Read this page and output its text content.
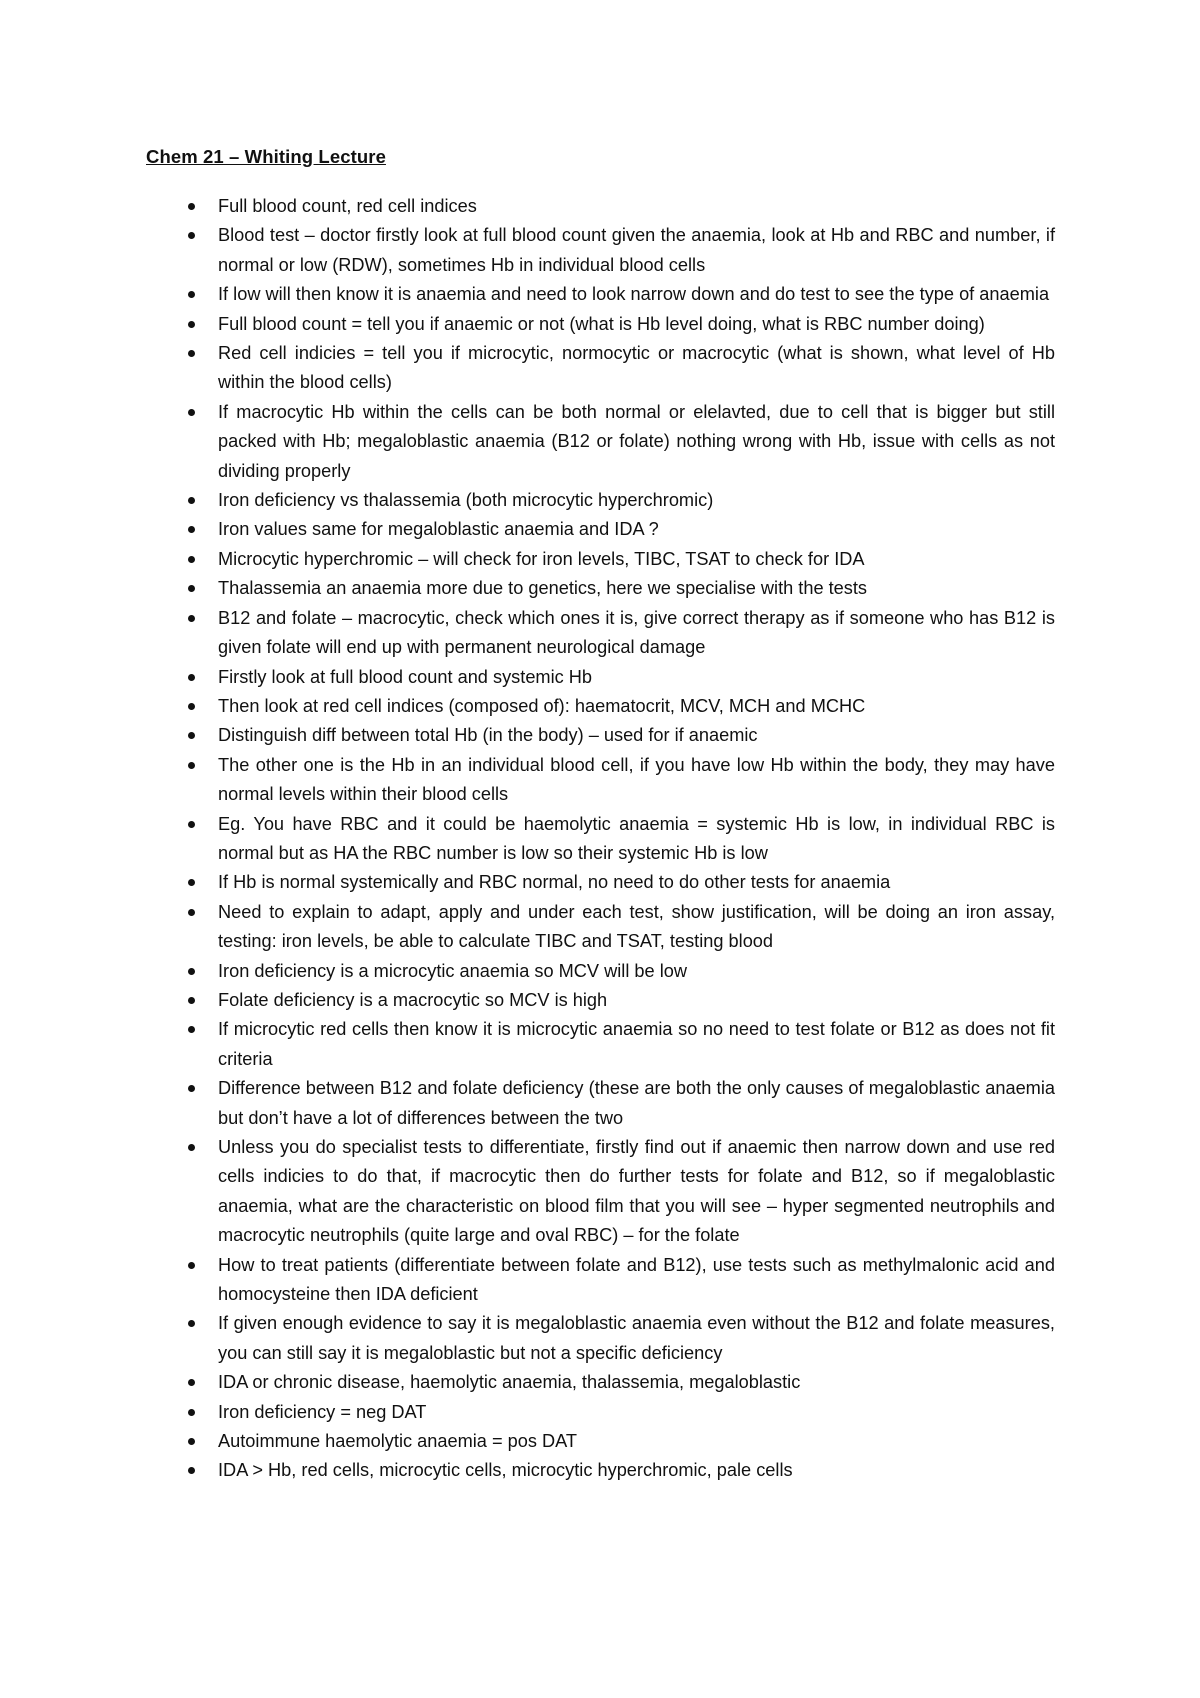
Chem 21 – Whiting Lecture
Full blood count, red cell indices
Blood test – doctor firstly look at full blood count given the anaemia, look at Hb and RBC and number, if normal or low (RDW), sometimes Hb in individual blood cells
If low will then know it is anaemia and need to look narrow down and do test to see the type of anaemia
Full blood count = tell you if anaemic or not (what is Hb level doing, what is RBC number doing)
Red cell indicies = tell you if microcytic, normocytic or macrocytic (what is shown, what level of Hb within the blood cells)
If macrocytic Hb within the cells can be both normal or elelavted, due to cell that is bigger but still packed with Hb; megaloblastic anaemia (B12 or folate) nothing wrong with Hb, issue with cells as not dividing properly
Iron deficiency vs thalassemia (both microcytic hyperchromic)
Iron values same for megaloblastic anaemia and IDA ?
Microcytic hyperchromic – will check for iron levels, TIBC, TSAT to check for IDA
Thalassemia an anaemia more due to genetics, here we specialise with the tests
B12 and folate – macrocytic, check which ones it is, give correct therapy as if someone who has B12 is given folate will end up with permanent neurological damage
Firstly look at full blood count and systemic Hb
Then look at red cell indices (composed of): haematocrit, MCV, MCH and MCHC
Distinguish diff between total Hb (in the body) – used for if anaemic
The other one is the Hb in an individual blood cell, if you have low Hb within the body, they may have normal levels within their blood cells
Eg. You have RBC and it could be haemolytic anaemia = systemic Hb is low, in individual RBC is normal but as HA the RBC number is low so their systemic Hb is low
If Hb is normal systemically and RBC normal, no need to do other tests for anaemia
Need to explain to adapt, apply and under each test, show justification, will be doing an iron assay, testing: iron levels, be able to calculate TIBC and TSAT, testing blood
Iron deficiency is a microcytic anaemia so MCV will be low
Folate deficiency is a macrocytic so MCV is high
If microcytic red cells then know it is microcytic anaemia so no need to test folate or B12 as does not fit criteria
Difference between B12 and folate deficiency (these are both the only causes of megaloblastic anaemia but don’t have a lot of differences between the two
Unless you do specialist tests to differentiate, firstly find out if anaemic then narrow down and use red cells indicies to do that, if macrocytic then do further tests for folate and B12, so if megaloblastic anaemia, what are the characteristic on blood film that you will see – hyper segmented neutrophils and macrocytic neutrophils (quite large and oval RBC) – for the folate
How to treat patients (differentiate between folate and B12), use tests such as methylmalonic acid and homocysteine then IDA deficient
If given enough evidence to say it is megaloblastic anaemia even without the B12 and folate measures, you can still say it is megaloblastic but not a specific deficiency
IDA or chronic disease, haemolytic anaemia, thalassemia, megaloblastic
Iron deficiency = neg DAT
Autoimmune haemolytic anaemia = pos DAT
IDA > Hb, red cells, microcytic cells, microcytic hyperchromic, pale cells
